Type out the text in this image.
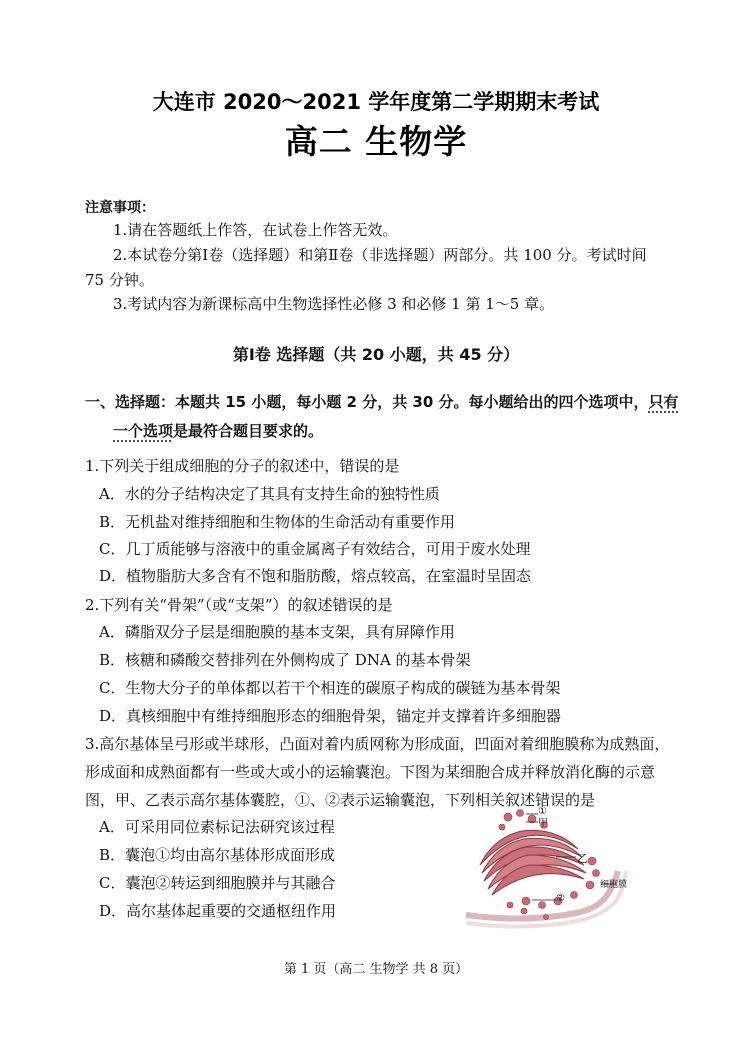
大连市 2020～2021 学年度第二学期期末考试
高二 生物学
注意事项：
1.请在答题纸上作答，在试卷上作答无效。
2.本试卷分第Ⅰ卷（选择题）和第Ⅱ卷（非选择题）两部分。共 100 分。考试时间
75 分钟。
3.考试内容为新课标高中生物选择性必修 3 和必修 1 第 1～5 章。
第Ⅰ卷 选择题（共 20 小题，共 45 分）
一、选择题：本题共 15 小题，每小题 2 分，共 30 分。每小题给出的四个选项中，只有
一个选项是最符合题目要求的。
1.下列关于组成细胞的分子的叙述中，错误的是
A．水的分子结构决定了其具有支持生命的独特性质
B．无机盐对维持细胞和生物体的生命活动有重要作用
C．几丁质能够与溶液中的重金属离子有效结合，可用于废水处理
D．植物脂肪大多含有不饱和脂肪酸，熔点较高，在室温时呈固态
2.下列有关“骨架”（或“支架”）的叙述错误的是
A．磷脂双分子层是细胞膜的基本支架，具有屏障作用
B．核糖和磷酸交替排列在外侧构成了 DNA 的基本骨架
C．生物大分子的单体都以若干个相连的碳原子构成的碳链为基本骨架
D．真核细胞中有维持细胞形态的细胞骨架，锚定并支撑着许多细胞器
3.高尔基体呈弓形或半球形，凸面对着内质网称为形成面，凹面对着细胞膜称为成熟面，
形成面和成熟面都有一些或大或小的运输囊泡。下图为某细胞合成并释放消化酶的示意
图，甲、乙表示高尔基体囊腔，①、②表示运输囊泡，下列相关叙述错误的是
A．可采用同位素标记法研究该过程
B．囊泡①均由高尔基体形成面形成
C．囊泡②转运到细胞膜并与其融合
D．高尔基体起重要的交通枢纽作用
①
甲
乙
②
细胞膜
第 1 页（高二 生物学 共 8 页）
